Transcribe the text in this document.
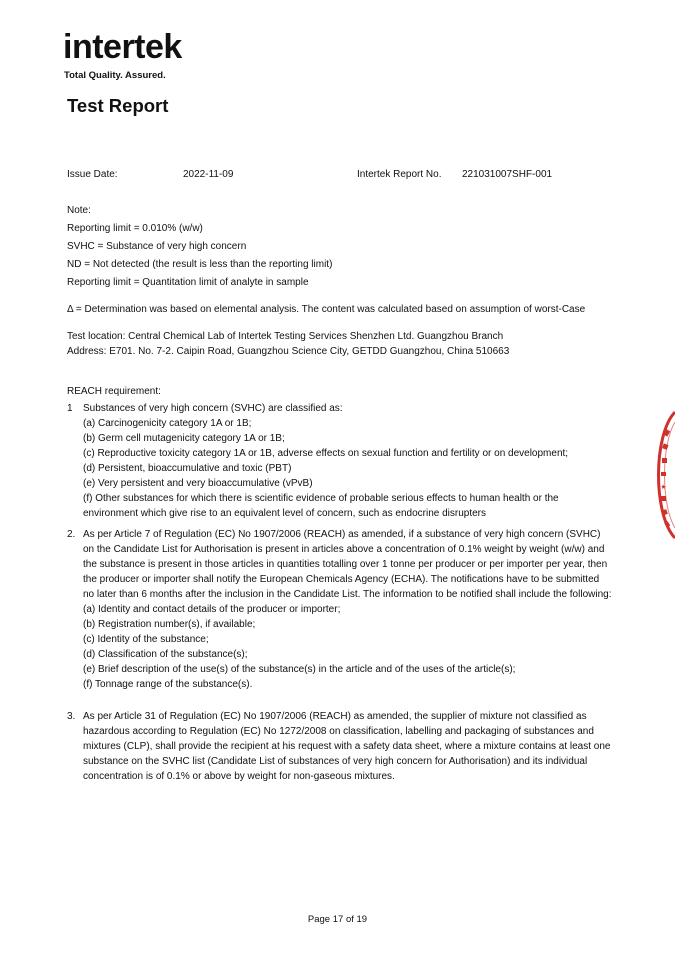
intertek
Total Quality. Assured.
Test Report
Issue Date:	2022-11-09	Intertek Report No. 221031007SHF-001
Note:
Reporting limit = 0.010% (w/w)
SVHC = Substance of very high concern
ND = Not detected (the result is less than the reporting limit)
Reporting limit = Quantitation limit of analyte in sample
Δ = Determination was based on elemental analysis. The content was calculated based on assumption of worst-Case
Test location: Central Chemical Lab of Intertek Testing Services Shenzhen Ltd. Guangzhou Branch
Address: E701. No. 7-2. Caipin Road, Guangzhou Science City, GETDD Guangzhou, China 510663
REACH requirement:
1 Substances of very high concern (SVHC) are classified as:
(a) Carcinogenicity category 1A or 1B;
(b) Germ cell mutagenicity category 1A or 1B;
(c) Reproductive toxicity category 1A or 1B, adverse effects on sexual function and fertility or on development;
(d) Persistent, bioaccumulative and toxic (PBT)
(e) Very persistent and very bioaccumulative (vPvB)
(f) Other substances for which there is scientific evidence of probable serious effects to human health or the environment which give rise to an equivalent level of concern, such as endocrine disrupters
2. As per Article 7 of Regulation (EC) No 1907/2006 (REACH) as amended, if a substance of very high concern (SVHC) on the Candidate List for Authorisation is present in articles above a concentration of 0.1% weight by weight (w/w) and the substance is present in those articles in quantities totalling over 1 tonne per producer or per importer per year, then the producer or importer shall notify the European Chemicals Agency (ECHA). The notifications have to be submitted no later than 6 months after the inclusion in the Candidate List. The information to be notified shall include the following:
(a) Identity and contact details of the producer or importer;
(b) Registration number(s), if available;
(c) Identity of the substance;
(d) Classification of the substance(s);
(e) Brief description of the use(s) of the substance(s) in the article and of the uses of the article(s);
(f) Tonnage range of the substance(s).
3. As per Article 31 of Regulation (EC) No 1907/2006 (REACH) as amended, the supplier of mixture not classified as hazardous according to Regulation (EC) No 1272/2008 on classification, labelling and packaging of substances and mixtures (CLP), shall provide the recipient at his request with a safety data sheet, where a mixture contains at least one substance on the SVHC list (Candidate List of substances of very high concern for Authorisation) and its individual concentration is of 0.1% or above by weight for non-gaseous mixtures.
Page 17 of 19
